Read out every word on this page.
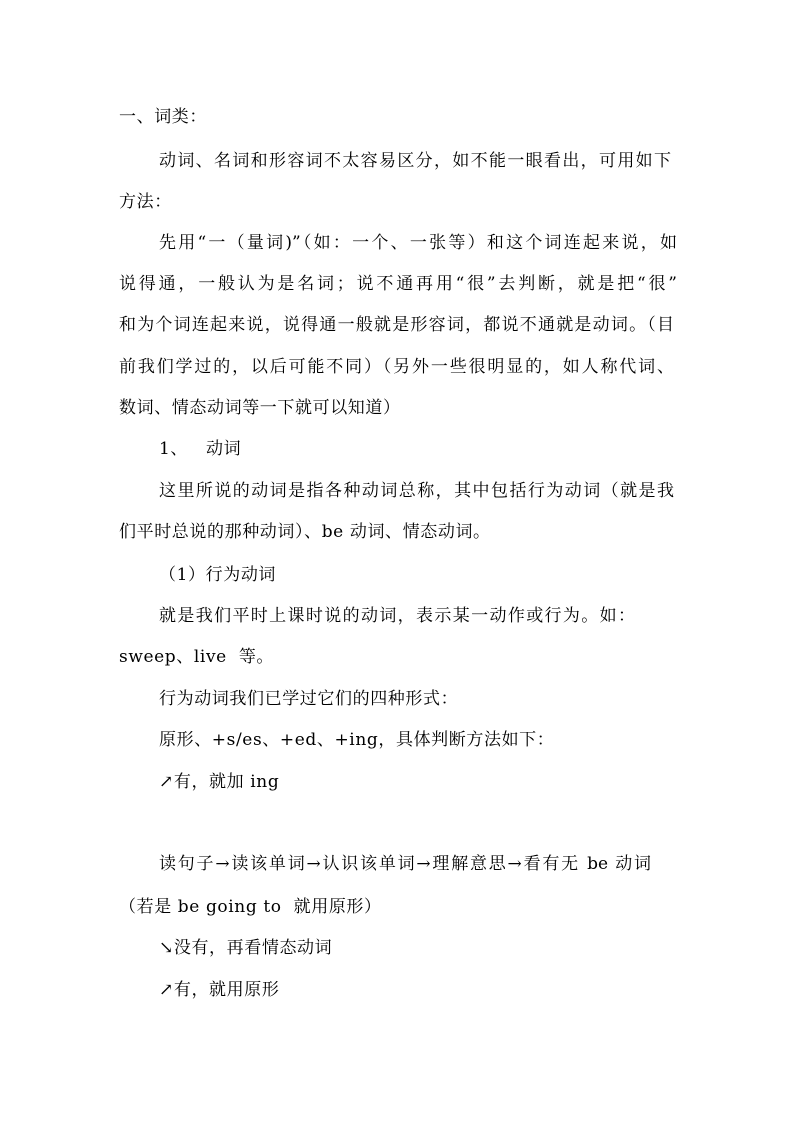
一、词类：
动词、名词和形容词不太容易区分，如不能一眼看出，可用如下
方法：
先用“一（量词)”（如：一个、一张等）和这个词连起来说，如
说得通，一般认为是名词；说不通再用“很”去判断，就是把“很”
和为个词连起来说，说得通一般就是形容词，都说不通就是动词。（目
前我们学过的，以后可能不同）（另外一些很明显的，如人称代词、
数词、情态动词等一下就可以知道）
1、   动词
这里所说的动词是指各种动词总称，其中包括行为动词（就是我
们平时总说的那种动词）、be 动词、情态动词。
（1）行为动词
就是我们平时上课时说的动词，表示某一动作或行为。如：
sweep、live  等。
行为动词我们已学过它们的四种形式：
原形、+s/es、+ed、+ing，具体判断方法如下：
↗有，就加 ing
读句子→读该单词→认识该单词→理解意思→看有无 be 动词
（若是 be going to  就用原形）
↘没有，再看情态动词
↗有，就用原形
